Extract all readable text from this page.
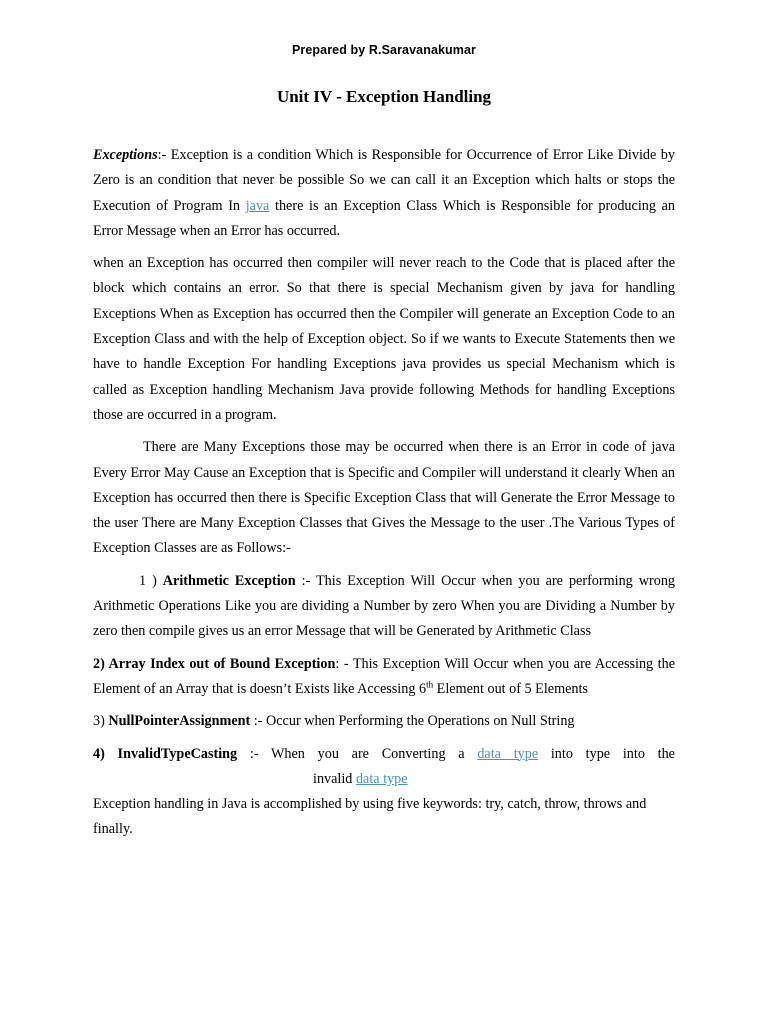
Prepared by R.Saravanakumar
Unit IV - Exception Handling

Exceptions:- Exception is a condition Which is Responsible for Occurrence of Error Like Divide by Zero is an condition that never be possible So we can call it an Exception which halts or stops the Execution of Program In java there is an Exception Class Which is Responsible for producing an Error Message when an Error has occurred.

when an Exception has occurred then compiler will never reach to the Code that is placed after the block which contains an error. So that there is special Mechanism given by java for handling Exceptions When as Exception has occurred then the Compiler will generate an Exception Code to an Exception Class and with the help of Exception object. So if we wants to Execute Statements then we have to handle Exception For handling Exceptions java provides us special Mechanism which is called as Exception handling Mechanism Java provide following Methods for handling Exceptions those are occurred in a program.

There are Many Exceptions those may be occurred when there is an Error in code of java Every Error May Cause an Exception that is Specific and Compiler will understand it clearly When an Exception has occurred then there is Specific Exception Class that will Generate the Error Message to the user There are Many Exception Classes that Gives the Message to the user .The Various Types of Exception Classes are as Follows:-

1 ) Arithmetic Exception :- This Exception Will Occur when you are performing wrong Arithmetic Operations Like you are dividing a Number by zero When you are Dividing a Number by zero then compile gives us an error Message that will be Generated by Arithmetic Class

2) Array Index out of Bound Exception: - This Exception Will Occur when you are Accessing the Element of an Array that is doesn’t Exists like Accessing 6th Element out of 5 Elements

3) NullPointerAssignment :- Occur when Performing the Operations on Null String

4) InvalidTypeCasting :- When you are Converting a data type into type into the

invalid data type

Exception handling in Java is accomplished by using five keywords: try, catch, throw, throws and finally.
